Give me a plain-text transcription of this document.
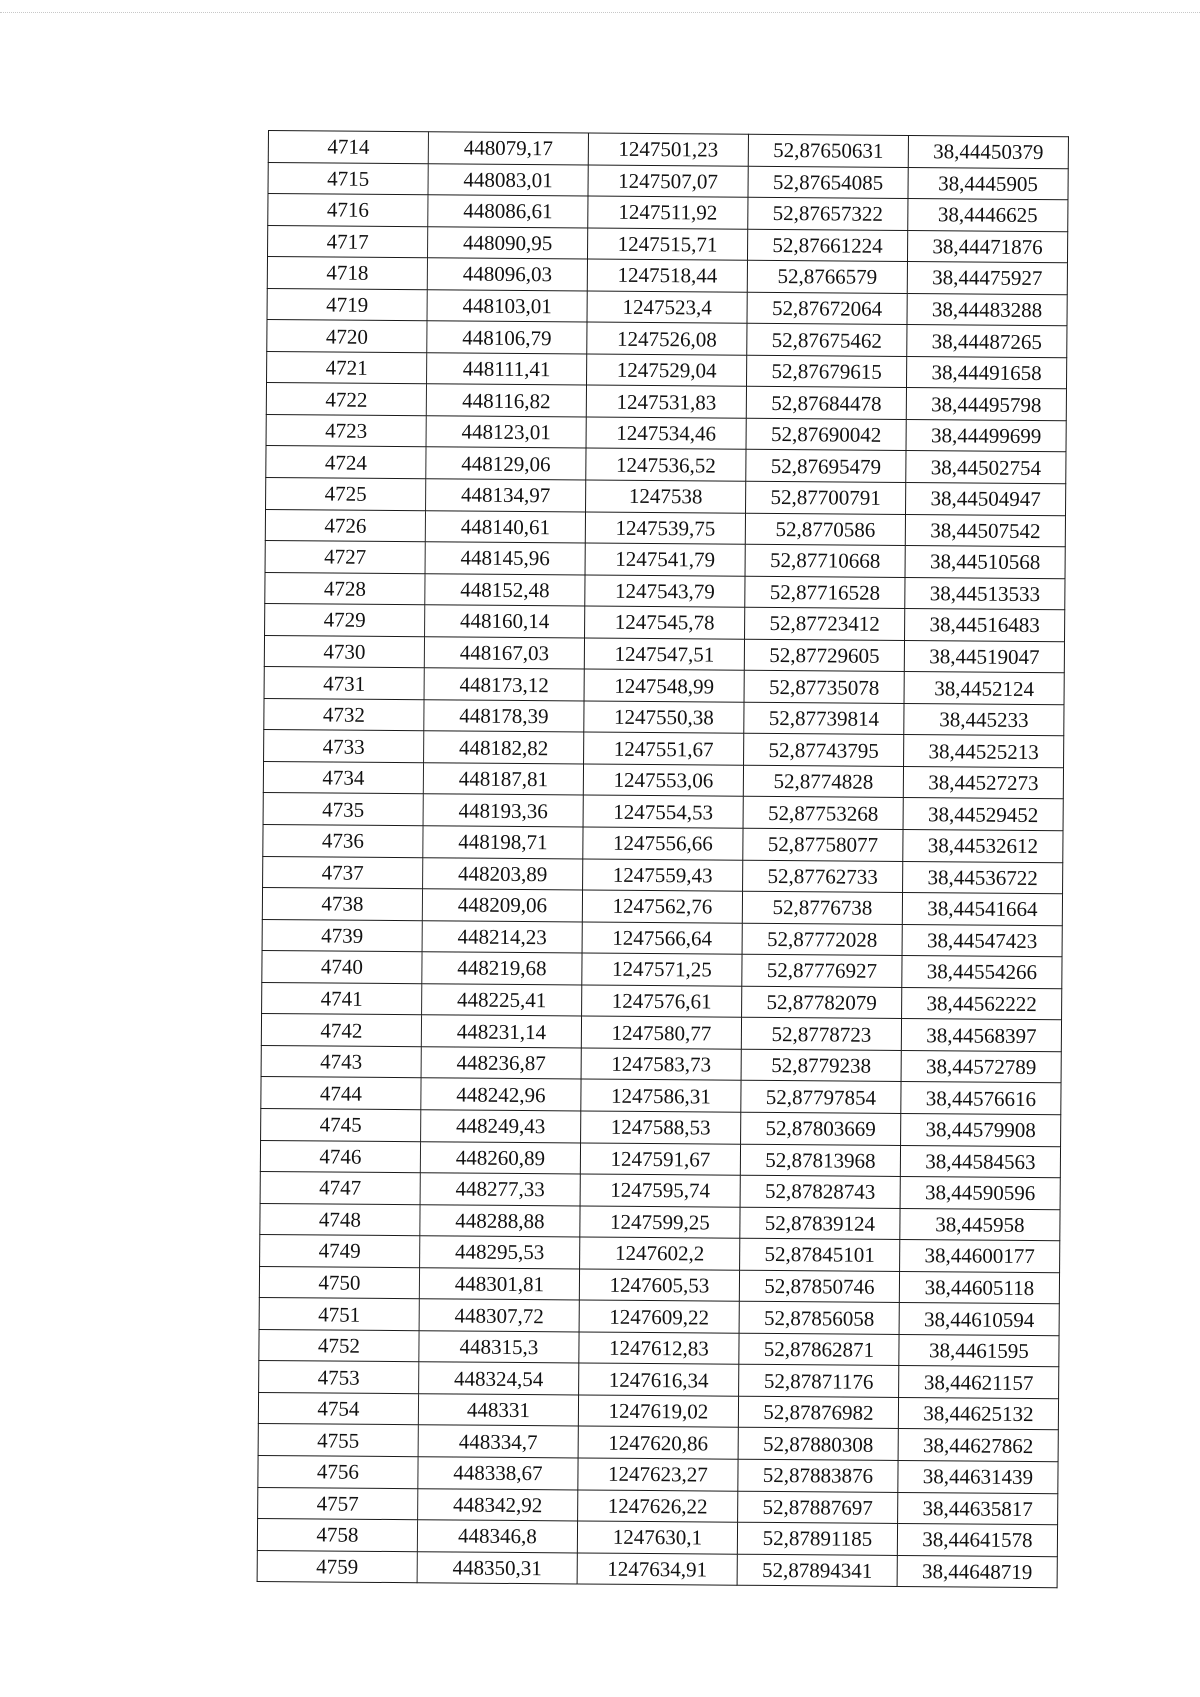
4714	448079,17	1247501,23	52,87650631	38,44450379
4715	448083,01	1247507,07	52,87654085	38,4445905
4716	448086,61	1247511,92	52,87657322	38,4446625
4717	448090,95	1247515,71	52,87661224	38,44471876
4718	448096,03	1247518,44	52,8766579	38,44475927
4719	448103,01	1247523,4	52,87672064	38,44483288
4720	448106,79	1247526,08	52,87675462	38,44487265
4721	448111,41	1247529,04	52,87679615	38,44491658
4722	448116,82	1247531,83	52,87684478	38,44495798
4723	448123,01	1247534,46	52,87690042	38,44499699
4724	448129,06	1247536,52	52,87695479	38,44502754
4725	448134,97	1247538	52,87700791	38,44504947
4726	448140,61	1247539,75	52,8770586	38,44507542
4727	448145,96	1247541,79	52,87710668	38,44510568
4728	448152,48	1247543,79	52,87716528	38,44513533
4729	448160,14	1247545,78	52,87723412	38,44516483
4730	448167,03	1247547,51	52,87729605	38,44519047
4731	448173,12	1247548,99	52,87735078	38,4452124
4732	448178,39	1247550,38	52,87739814	38,445233
4733	448182,82	1247551,67	52,87743795	38,44525213
4734	448187,81	1247553,06	52,8774828	38,44527273
4735	448193,36	1247554,53	52,87753268	38,44529452
4736	448198,71	1247556,66	52,87758077	38,44532612
4737	448203,89	1247559,43	52,87762733	38,44536722
4738	448209,06	1247562,76	52,8776738	38,44541664
4739	448214,23	1247566,64	52,87772028	38,44547423
4740	448219,68	1247571,25	52,87776927	38,44554266
4741	448225,41	1247576,61	52,87782079	38,44562222
4742	448231,14	1247580,77	52,8778723	38,44568397
4743	448236,87	1247583,73	52,8779238	38,44572789
4744	448242,96	1247586,31	52,87797854	38,44576616
4745	448249,43	1247588,53	52,87803669	38,44579908
4746	448260,89	1247591,67	52,87813968	38,44584563
4747	448277,33	1247595,74	52,87828743	38,44590596
4748	448288,88	1247599,25	52,87839124	38,445958
4749	448295,53	1247602,2	52,87845101	38,44600177
4750	448301,81	1247605,53	52,87850746	38,44605118
4751	448307,72	1247609,22	52,87856058	38,44610594
4752	448315,3	1247612,83	52,87862871	38,4461595
4753	448324,54	1247616,34	52,87871176	38,44621157
4754	448331	1247619,02	52,87876982	38,44625132
4755	448334,7	1247620,86	52,87880308	38,44627862
4756	448338,67	1247623,27	52,87883876	38,44631439
4757	448342,92	1247626,22	52,87887697	38,44635817
4758	448346,8	1247630,1	52,87891185	38,44641578
4759	448350,31	1247634,91	52,87894341	38,44648719
